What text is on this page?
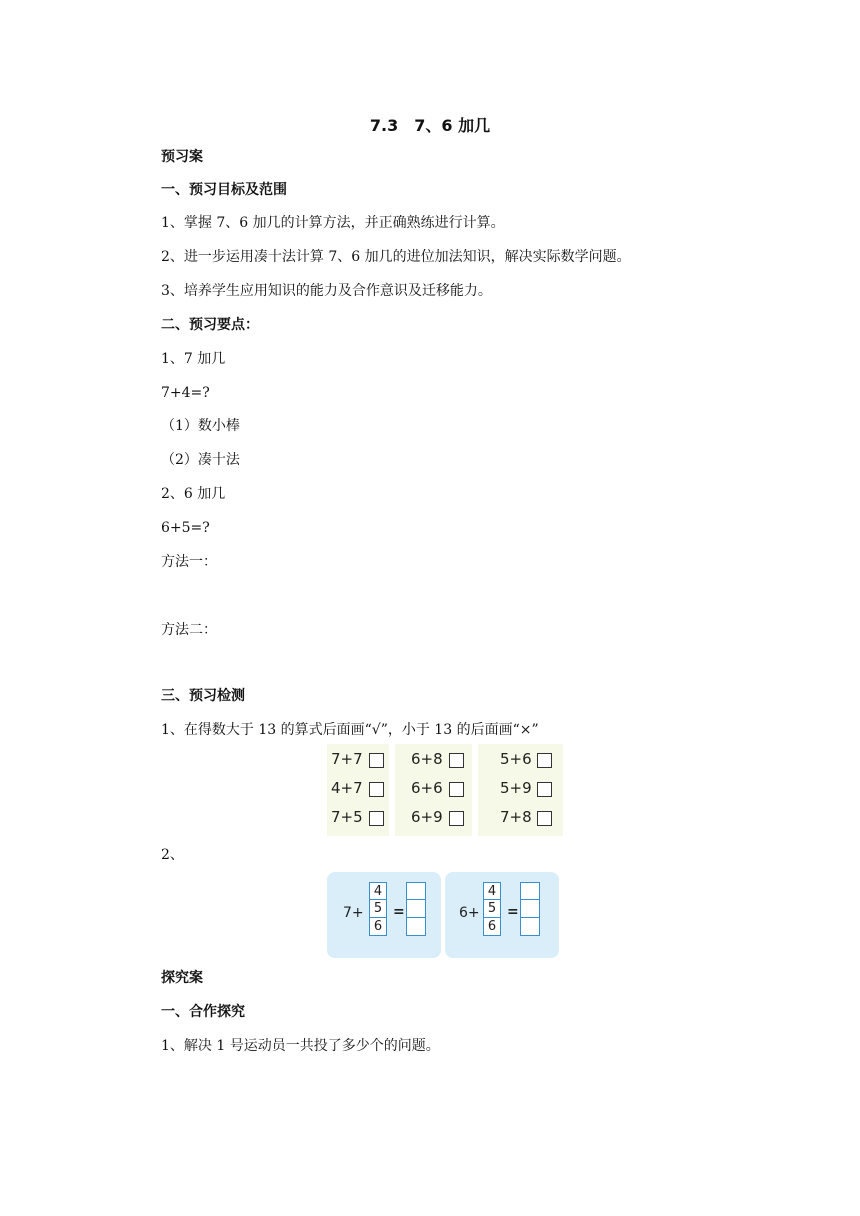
7.3　7、6 加几
预习案
一、预习目标及范围
1、掌握 7、6 加几的计算方法，并正确熟练进行计算。
2、进一步运用凑十法计算 7、6 加几的进位加法知识，解决实际数学问题。
3、培养学生应用知识的能力及合作意识及迁移能力。
二、预习要点：
1、7 加几
7+4=?
（1）数小棒
（2）凑十法
2、6 加几
6+5=?
方法一：
方法二：
三、预习检测
1、在得数大于 13 的算式后面画“√”，小于 13 的后面画“×”
7+7	6+8	5+6
4+7	6+6	5+9
7+5	6+9	7+8
2、
7+
4
5
6
=	6+
4
5
6
=
探究案
一、合作探究
1、解决 1 号运动员一共投了多少个的问题。
